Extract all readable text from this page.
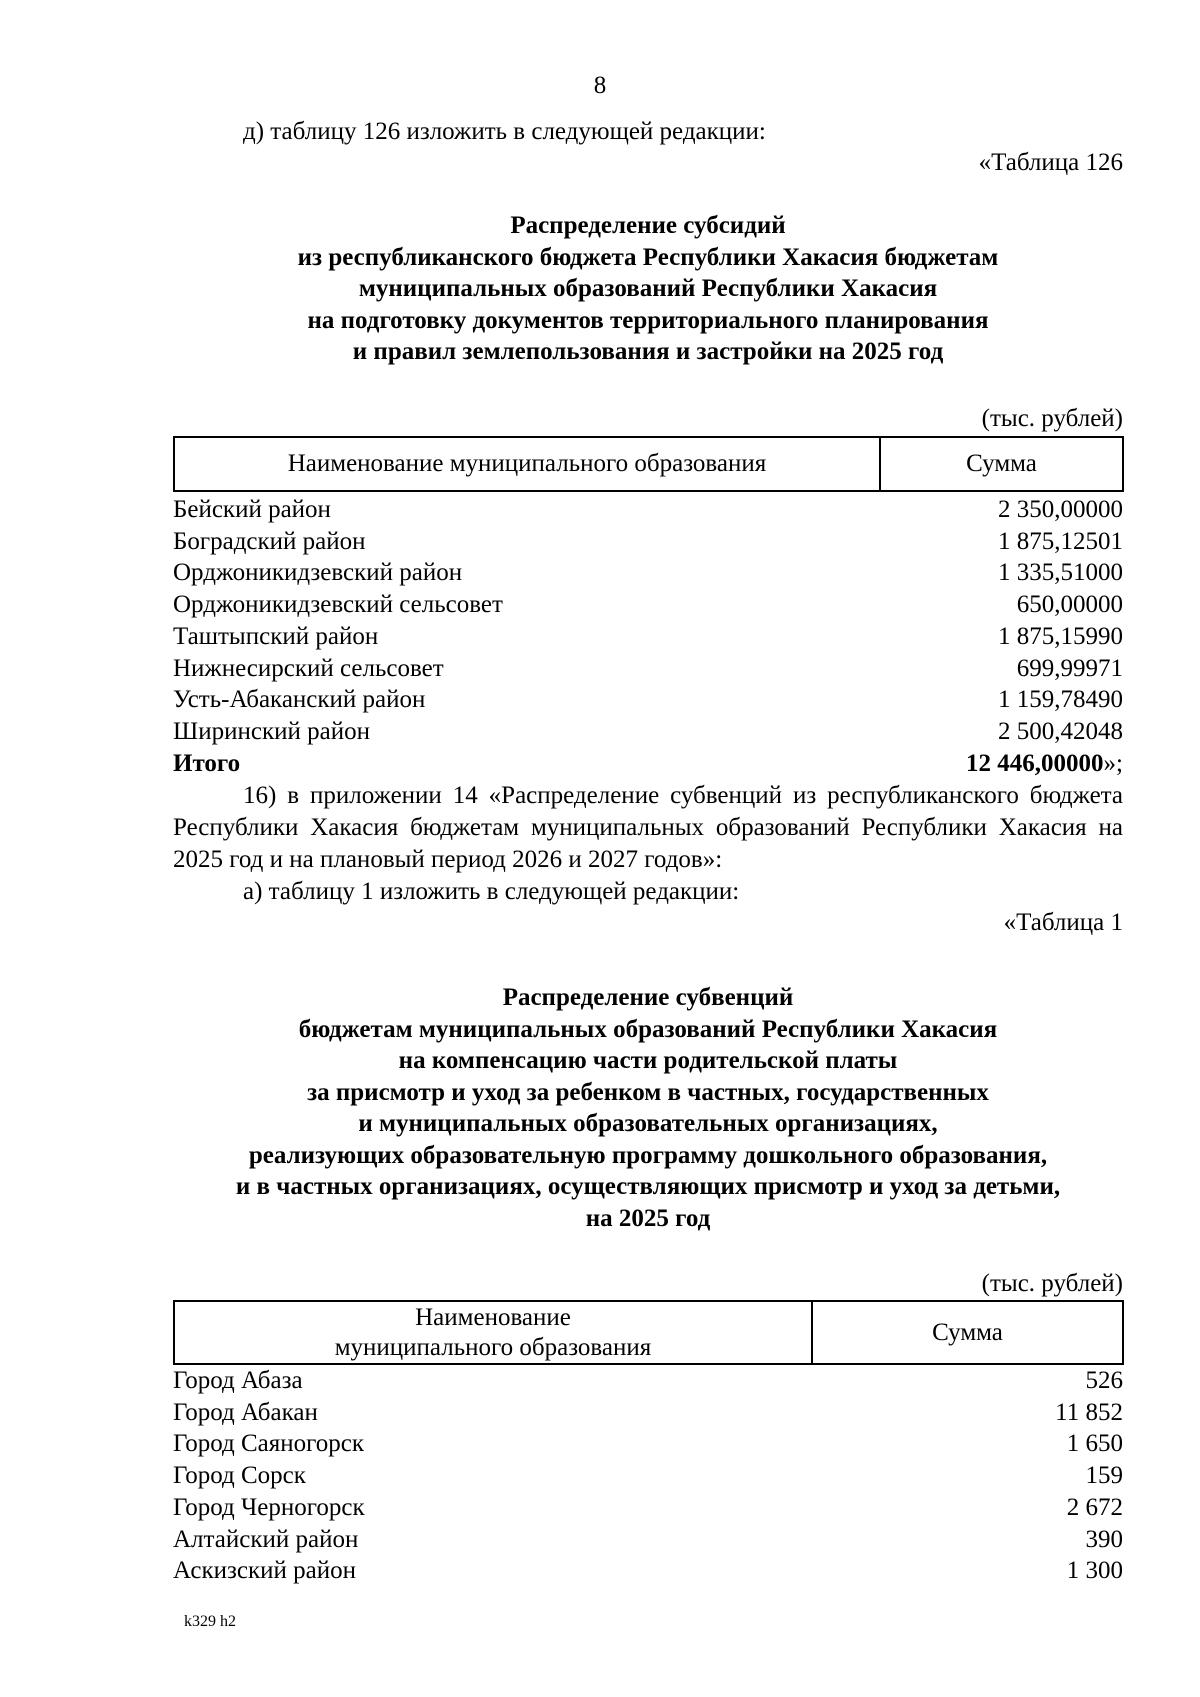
8
д) таблицу 126 изложить в следующей редакции:
«Таблица 126
Распределение субсидий
из республиканского бюджета Республики Хакасия бюджетам
муниципальных образований Республики Хакасия
на подготовку документов территориального планирования
и правил землепользования и застройки на 2025 год
(тыс. рублей)
Наименование муниципального образования	Сумма
Бейский район	2 350,00000
Боградский район	1 875,12501
Орджоникидзевский район	1 335,51000
Орджоникидзевский сельсовет	650,00000
Таштыпский район	1 875,15990
Нижнесирский сельсовет	699,99971
Усть-Абаканский район	1 159,78490
Ширинский район	2 500,42048
Итого	12 446,00000»;
16) в приложении 14 «Распределение субвенций из республиканского бюджета Республики Хакасия бюджетам муниципальных образований Республики Хакасия на 2025 год и на плановый период 2026 и 2027 годов»:
а) таблицу 1 изложить в следующей редакции:
«Таблица 1
Распределение субвенций
бюджетам муниципальных образований Республики Хакасия
на компенсацию части родительской платы
за присмотр и уход за ребенком в частных, государственных
и муниципальных образовательных организациях,
реализующих образовательную программу дошкольного образования,
и в частных организациях, осуществляющих присмотр и уход за детьми,
на 2025 год
(тыс. рублей)
Наименование
муниципального образования
	Сумма
Город Абаза	526
Город Абакан	11 852
Город Саяногорск	1 650
Город Сорск	159
Город Черногорск	2 672
Алтайский район	390
Аскизский район	1 300
k329 h2
